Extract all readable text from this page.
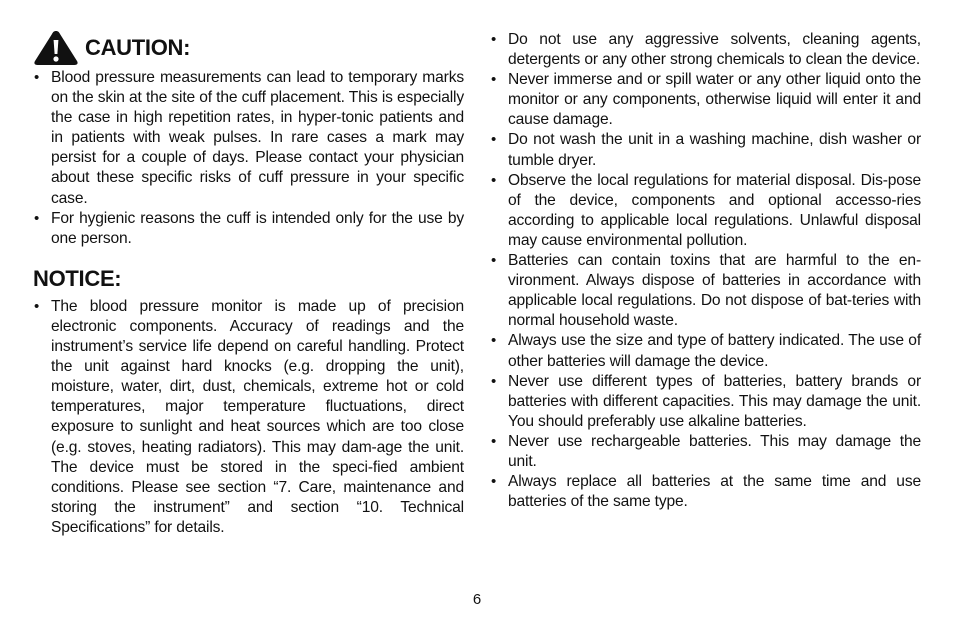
CAUTION:
• Blood pressure measurements can lead to temporary marks on the skin at the site of the cuff placement. This is especially the case in high repetition rates, in hyper-tonic patients and in patients with weak pulses. In rare cases a mark may persist for a couple of days. Please contact your physician about these specific risks of cuff pressure in your specific case.
• For hygienic reasons the cuff is intended only for the use by one person.
NOTICE:
• The blood pressure monitor is made up of precision electronic components. Accuracy of readings and the instrument’s service life depend on careful handling. Protect the unit against hard knocks (e.g. dropping the unit), moisture, water, dirt, dust, chemicals, extreme hot or cold temperatures, major temperature fluctuations, direct exposure to sunlight and heat sources which are too close (e.g. stoves, heating radiators). This may dam-age the unit. The device must be stored in the speci-fied ambient conditions. Please see section “7. Care, maintenance and storing the instrument” and section “10. Technical Specifications” for details.
• Do not use any aggressive solvents, cleaning agents, detergents or any other strong chemicals to clean the device.
• Never immerse and or spill water or any other liquid onto the monitor or any components, otherwise liquid will enter it and cause damage.
• Do not wash the unit in a washing machine, dish washer or tumble dryer.
• Observe the local regulations for material disposal. Dis-pose of the device, components and optional accesso-ries according to applicable local regulations. Unlawful disposal may cause environmental pollution.
• Batteries can contain toxins that are harmful to the en-vironment. Always dispose of batteries in accordance with applicable local regulations. Do not dispose of bat-teries with normal household waste.
• Always use the size and type of battery indicated. The use of other batteries will damage the device.
• Never use different types of batteries, battery brands or batteries with different capacities. This may damage the unit. You should preferably use alkaline batteries.
• Never use rechargeable batteries. This may damage the unit.
• Always replace all batteries at the same time and use batteries of the same type.
6
